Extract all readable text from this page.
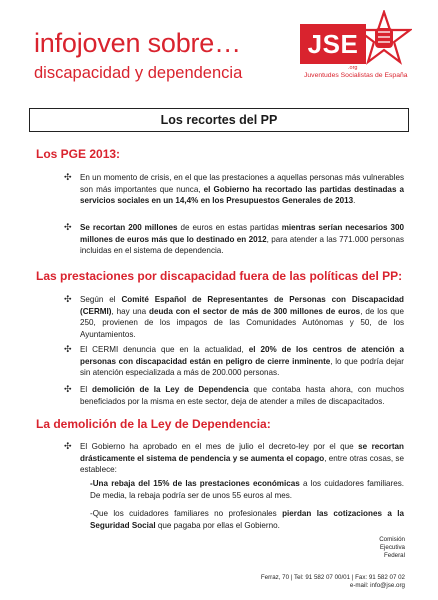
infojoven sobre…
discapacidad y dependencia
JSE
.org
Juventudes Socialistas de España
Los recortes del PP
Los PGE 2013:
✣ En un momento de crisis, en el que las prestaciones a aquellas personas más vulnerables son más importantes que nunca, el Gobierno ha recortado las partidas destinadas a servicios sociales en un 14,4% en los Presupuestos Generales de 2013.

✣ Se recortan 200 millones de euros en estas partidas mientras serían necesarios 300 millones de euros más que lo destinado en 2012, para atender a las 771.000 personas incluidas en el sistema de dependencia.

Las prestaciones por discapacidad fuera de las políticas del PP:
✣ Según el Comité Español de Representantes de Personas con Discapacidad (CERMI), hay una deuda con el sector de más de 300 millones de euros, de los que 250, provienen de los impagos de las Comunidades Autónomas y 50, de los Ayuntamientos.

✣ El CERMI denuncia que en la actualidad, el 20% de los centros de atención a personas con discapacidad están en peligro de cierre inminente, lo que podría dejar sin atención especializada a más de 200.000 personas.

✣ El demolición de la Ley de Dependencia que contaba hasta ahora, con muchos beneficiados por la misma en este sector, deja de atender a miles de discapacitados.

La demolición de la Ley de Dependencia:
✣ El Gobierno ha aprobado en el mes de julio el decreto-ley por el que se recortan drásticamente el sistema de pendencia y se aumenta el copago, entre otras cosas, se establece:

-Una rebaja del 15% de las prestaciones económicas a los cuidadores familiares. De media, la rebaja podría ser de unos 55 euros al mes.

-Que los cuidadores familiares no profesionales pierdan las cotizaciones a la Seguridad Social que pagaba por ellas el Gobierno.

Comisión
Ejecutiva
Federal
Ferraz, 70 | Tel: 91 582 07 00/01 | Fax: 91 582 07 02
e-mail: info@jse.org
